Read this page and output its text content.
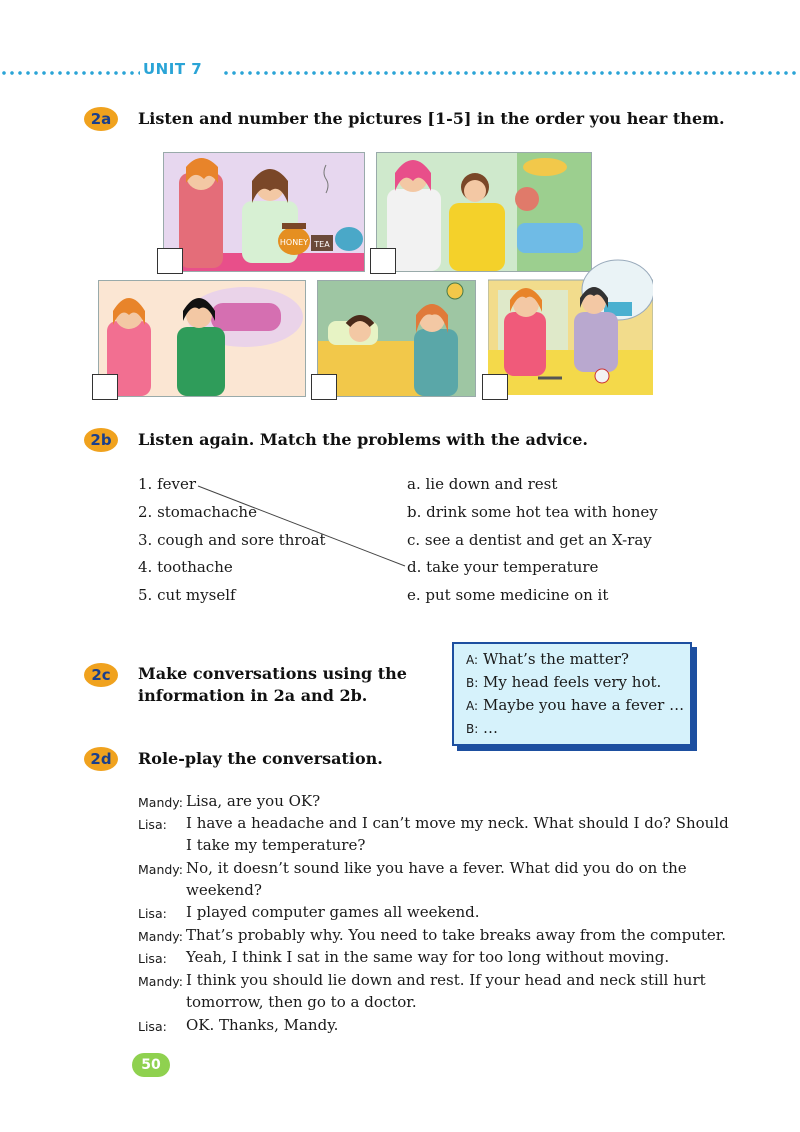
UNIT 7
2a	Listen and number the pictures [1-5] in the order you hear them.
HONEY TEA
2b	Listen again. Match the problems with the advice.
1. fever
2. stomachache
3. cough and sore throat
4. toothache
5. cut myself
a. lie down and rest
b. drink some hot tea with honey
c. see a dentist and get an X-ray
d. take your temperature
e. put some medicine on it
2c	Make conversations using the
information in 2a and 2b.
A: What’s the matter?
B: My head feels very hot.
A: Maybe you have a fever …
B: …
2d	Role-play the conversation.
Mandy: Lisa, are you OK?
Lisa: I have a headache and I can’t move my neck. What should I do? Should
I take my temperature?
Mandy: No, it doesn’t sound like you have a fever. What did you do on the
weekend?
Lisa: I played computer games all weekend.
Mandy: That’s probably why. You need to take breaks away from the computer.
Lisa: Yeah, I think I sat in the same way for too long without moving.
Mandy: I think you should lie down and rest. If your head and neck still hurt
tomorrow, then go to a doctor.
Lisa: OK. Thanks, Mandy.
50
